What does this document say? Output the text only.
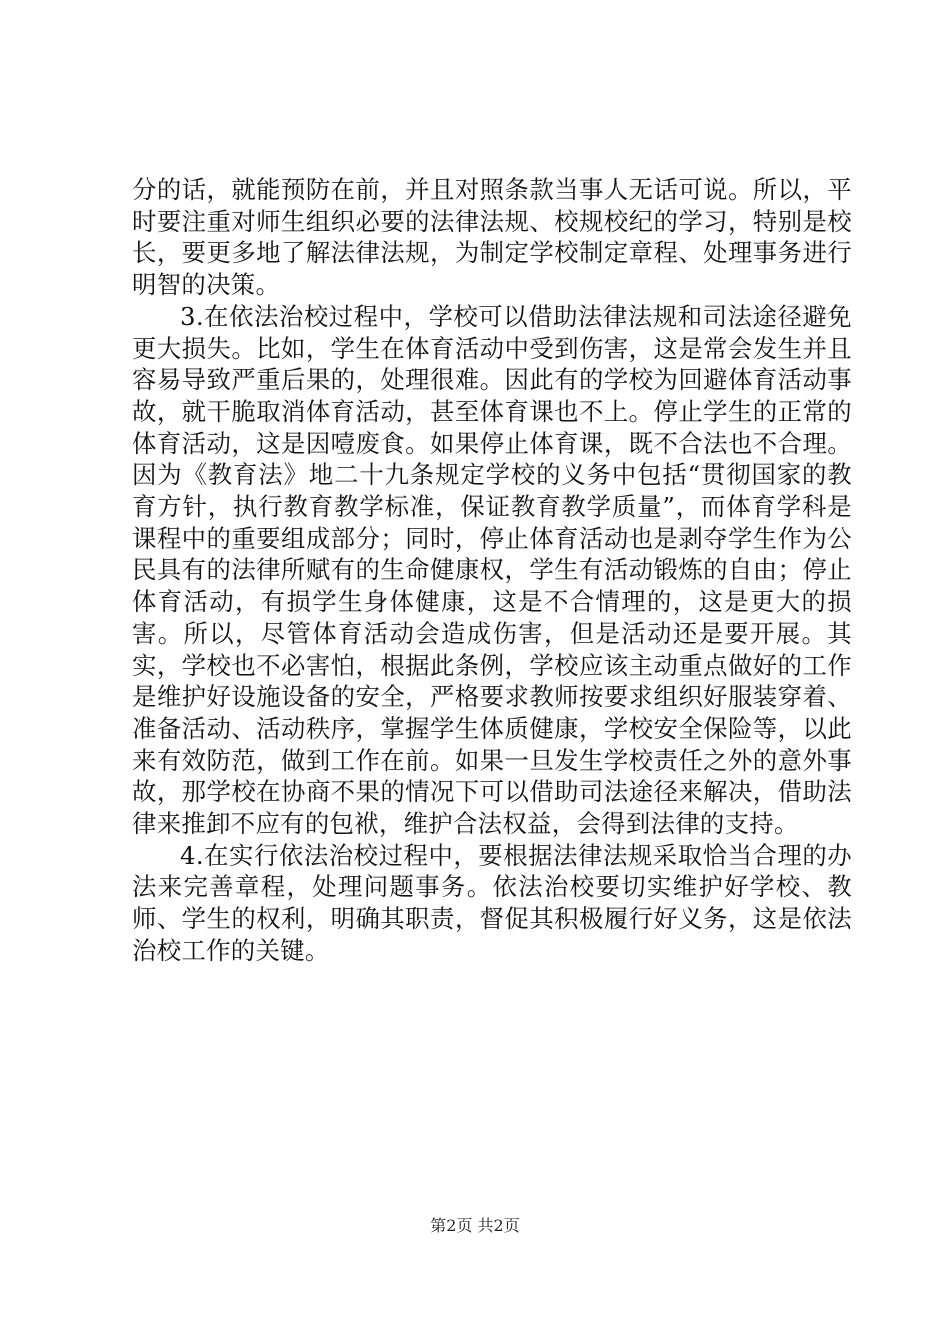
分的话，就能预防在前，并且对照条款当事人无话可说。所以，平时要注重对师生组织必要的法律法规、校规校纪的学习，特别是校长，要更多地了解法律法规，为制定学校制定章程、处理事务进行明智的决策。

3.在依法治校过程中，学校可以借助法律法规和司法途径避免更大损失。比如，学生在体育活动中受到伤害，这是常会发生并且容易导致严重后果的，处理很难。因此有的学校为回避体育活动事故，就干脆取消体育活动，甚至体育课也不上。停止学生的正常的体育活动，这是因噎废食。如果停止体育课，既不合法也不合理。因为《教育法》地二十九条规定学校的义务中包括“贯彻国家的教育方针，执行教育教学标准，保证教育教学质量”，而体育学科是课程中的重要组成部分；同时，停止体育活动也是剥夺学生作为公民具有的法律所赋有的生命健康权，学生有活动锻炼的自由；停止体育活动，有损学生身体健康，这是不合情理的，这是更大的损害。所以，尽管体育活动会造成伤害，但是活动还是要开展。其实，学校也不必害怕，根据此条例，学校应该主动重点做好的工作是维护好设施设备的安全，严格要求教师按要求组织好服装穿着、准备活动、活动秩序，掌握学生体质健康，学校安全保险等，以此来有效防范，做到工作在前。如果一旦发生学校责任之外的意外事故，那学校在协商不果的情况下可以借助司法途径来解决，借助法律来推卸不应有的包袱，维护合法权益，会得到法律的支持。

4.在实行依法治校过程中，要根据法律法规采取恰当合理的办法来完善章程，处理问题事务。依法治校要切实维护好学校、教师、学生的权利，明确其职责，督促其积极履行好义务，这是依法治校工作的关键。

第2页 共2页
